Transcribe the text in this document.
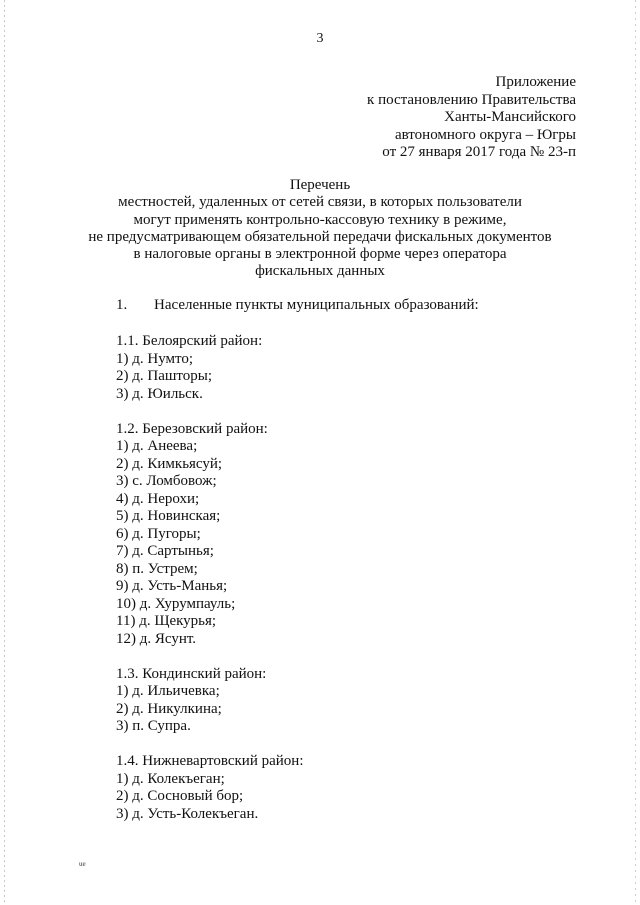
3
Приложение
к постановлению Правительства
Ханты-Мансийского
автономного округа – Югры
от 27 января 2017 года № 23-п
Перечень
местностей, удаленных от сетей связи, в которых пользователи
могут применять контрольно-кассовую технику в режиме,
не предусматривающем обязательной передачи фискальных документов
в налоговые органы в электронной форме через оператора
фискальных данных
1. Населенные пункты муниципальных образований:
1.1. Белоярский район:
1) д. Нумто;
2) д. Пашторы;
3) д. Юильск.
1.2. Березовский район:
1) д. Анеева;
2) д. Кимкьясуй;
3) с. Ломбовож;
4) д. Нерохи;
5) д. Новинская;
6) д. Пугоры;
7) д. Сартынья;
8) п. Устрем;
9) д. Усть-Манья;
10) д. Хурумпауль;
11) д. Щекурья;
12) д. Ясунт.
1.3. Кондинский район:
1) д. Ильичевка;
2) д. Никулкина;
3) п. Супра.
1.4. Нижневартовский район:
1) д. Колекъеган;
2) д. Сосновый бор;
3) д. Усть-Колекъеган.
ue
